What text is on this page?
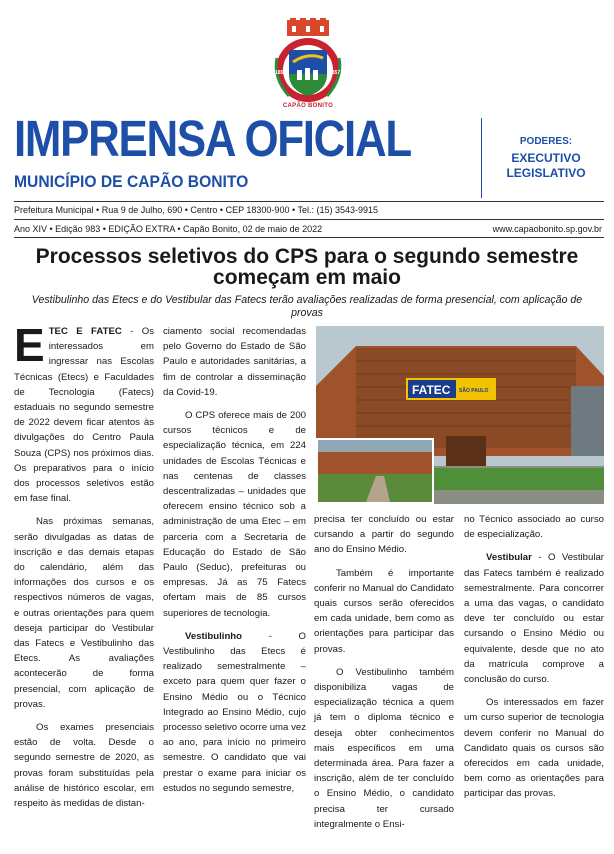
1857	1857
CAPÃO BONITO
IMPRENSA OFICIAL
MUNICÍPIO DE CAPÃO BONITO
PODERES:
EXECUTIVO
LEGISLATIVO
Prefeitura Municipal • Rua 9 de Julho, 690 • Centro • CEP 18300-900 • Tel.: (15) 3543-9915
Ano XIV • Edição 983 • EDIÇÃO EXTRA • Capão Bonito, 02 de maio de 2022	www.capaobonito.sp.gov.br
Processos seletivos do CPS para o segundo semestre começam em maio
Vestibulinho das Etecs e do Vestibular das Fatecs terão avaliações realizadas de forma presencial, com aplicação de provas

ETEC E FATEC - Os interessados em ingressar nas Escolas Técnicas (Etecs) e Faculdades de Tecnologia (Fatecs) estaduais no segundo semestre de 2022 devem ficar atentos às divulgações do Centro Paula Souza (CPS) nos próximos dias. Os preparativos para o início dos processos seletivos estão em fase final.

Nas próximas semanas, serão divulgadas as datas de inscrição e das demais etapas do calendário, além das informações dos cursos e os respectivos números de vagas, e outras orientações para quem deseja participar do Vestibular das Fatecs e Vestibulinho das Etecs. As avaliações acontecerão de forma presencial, com aplicação de provas.

Os exames presenciais estão de volta. Desde o segundo semestre de 2020, as provas foram substituídas pela análise de histórico escolar, em respeito às medidas de distan-

ciamento social recomendadas pelo Governo do Estado de São Paulo e autoridades sanitárias, a fim de controlar a disseminação da Covid-19.

O CPS oferece mais de 200 cursos técnicos e de especialização técnica, em 224 unidades de Escolas Técnicas e nas centenas de classes descentralizadas – unidades que oferecem ensino técnico sob a administração de uma Etec – em parceria com a Secretaria de Educação do Estado de São Paulo (Seduc), prefeituras ou empresas. Já as 75 Fatecs ofertam mais de 85 cursos superiores de tecnologia.

Vestibulinho - O Vestibulinho das Etecs é realizado semestralmente – exceto para quem quer fazer o Ensino Médio ou o Técnico Integrado ao Ensino Médio, cujo processo seletivo ocorre uma vez ao ano, para início no primeiro semestre. O candidato que vai prestar o exame para iniciar os estudos no segundo semestre,

FATEC SÃO PAULO

precisa ter concluído ou estar cursando a partir do segundo ano do Ensino Médio.

Também é importante conferir no Manual do Candidato quais cursos serão oferecidos em cada unidade, bem como as orientações para participar das provas.

O Vestibulinho também disponibiliza vagas de especialização técnica a quem já tem o diploma técnico e deseja obter conhecimentos mais específicos em uma determinada área. Para fazer a inscrição, além de ter concluído o Ensino Médio, o candidato precisa ter cursado integralmente o Ensi-

no Técnico associado ao curso de especialização.

Vestibular - O Vestibular das Fatecs também é realizado semestralmente. Para concorrer a uma das vagas, o candidato deve ter concluído ou estar cursando o Ensino Médio ou equivalente, desde que no ato da matrícula comprove a conclusão do curso.

Os interessados em fazer um curso superior de tecnologia devem conferir no Manual do Candidato quais os cursos são oferecidos em cada unidade, bem como as orientações para participar das provas.
